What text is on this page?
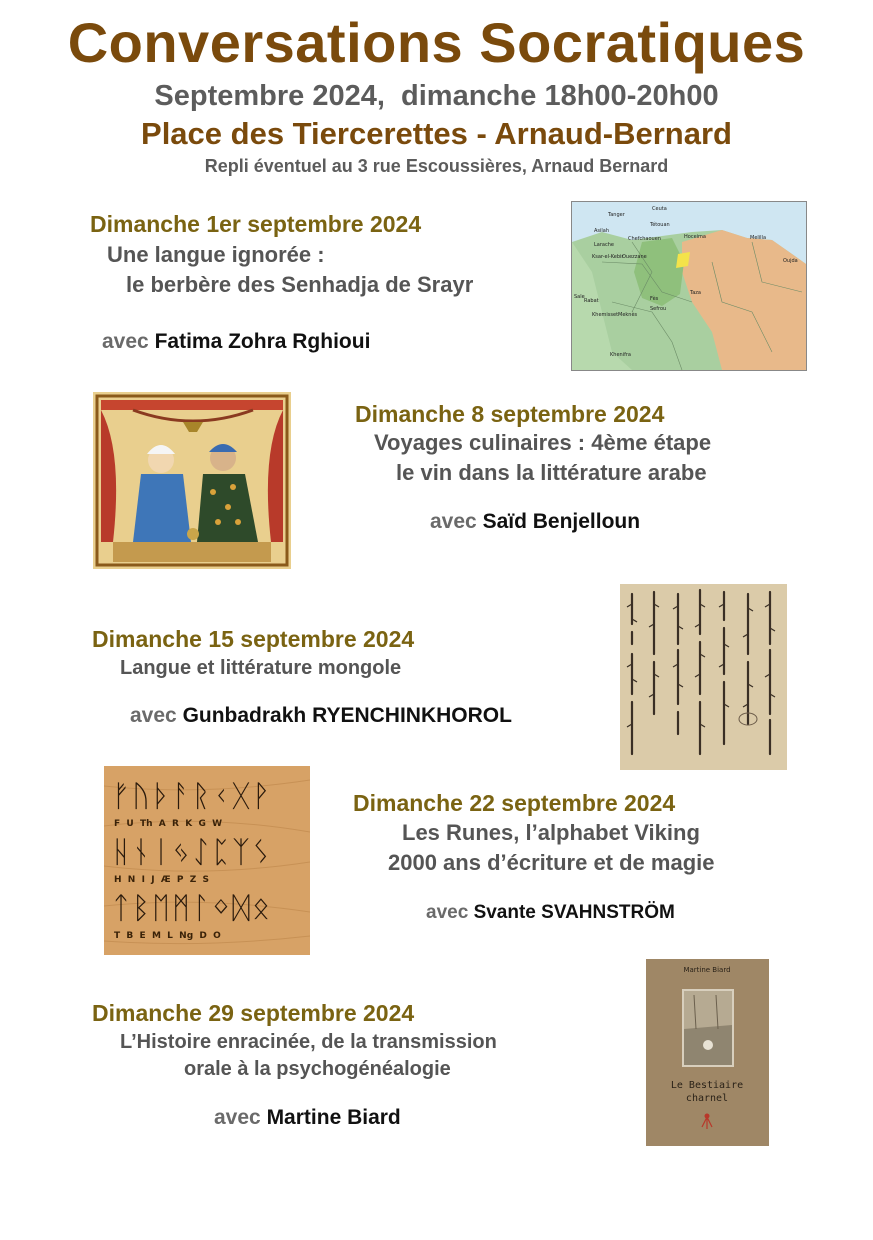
Conversations Socratiques
Septembre 2024,  dimanche 18h00-20h00
Place des Tiercerettes - Arnaud-Bernard
Repli éventuel au 3 rue Escoussières, Arnaud Bernard
Dimanche 1er septembre 2024
Une langue ignorée :
le berbère des Senhadja de Srayr
avec Fatima Zohra Rghioui
Ceuta
Tanger
Tétouan
Hoceima	Melilla
Oujda
Asilah
Larache
Ksar-el-Kebir
Chefchaouen
Ouezzane
Taza
Rabat	Fès
Meknès
Sefrou
Khemisset
Khenifra
Sale
Dimanche 8 septembre 2024
Voyages culinaires : 4ème étape
le vin dans la littérature arabe
avec Saïd Benjelloun
Dimanche 15 septembre 2024
Langue et littérature mongole
avec Gunbadrakh RYENCHINKHOROL
ᚠᚢᚦᚨᚱᚲᚷᚹ
F  U  Th  A  R  K  G  W
ᚺᚾᛁᛃᛇᛈᛉᛊ
H  N  I  J  Æ  P  Z  S
ᛏᛒᛖᛗᛚᛜᛞᛟ
T  B  E  M  L  Ng  D  O
Dimanche 22 septembre 2024
Les Runes, l’alphabet Viking
2000 ans d’écriture et de magie
avec Svante SVAHNSTRÖM
Dimanche 29 septembre 2024
L’Histoire enracinée, de la transmission
orale à la psychogénéalogie
avec Martine Biard
Martine Biard
Le Bestiaire
charnel
